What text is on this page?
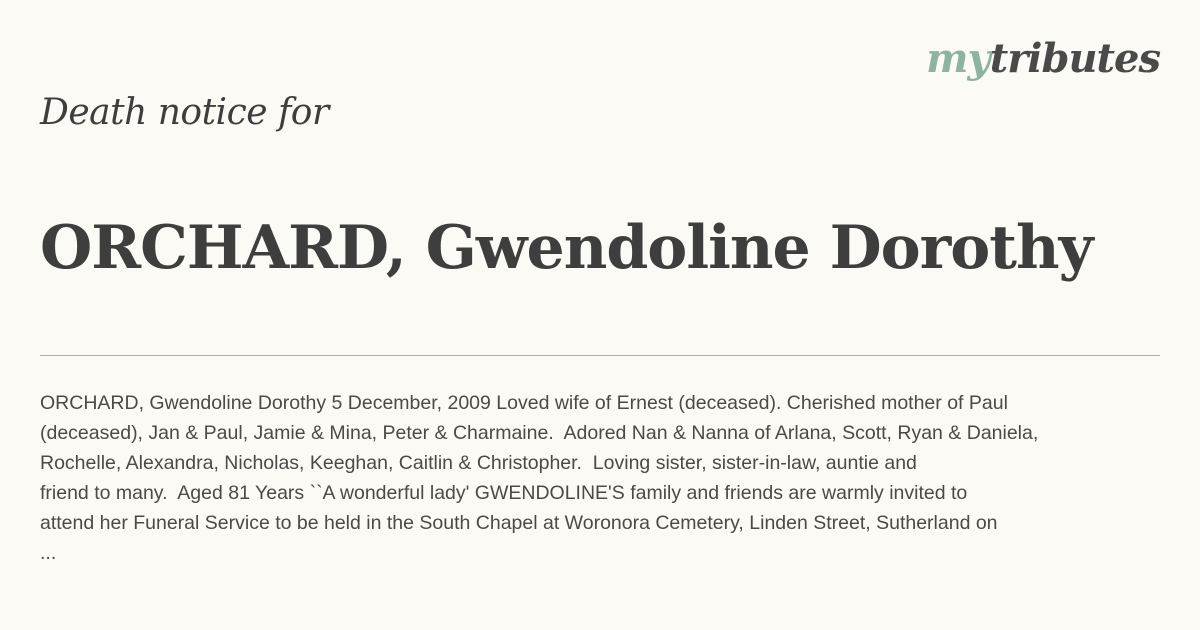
mytributes
Death notice for
ORCHARD, Gwendoline Dorothy

ORCHARD, Gwendoline Dorothy 5 December, 2009 Loved wife of Ernest (deceased). Cherished mother of Paul

(deceased), Jan & Paul, Jamie & Mina, Peter & Charmaine.  Adored Nan & Nanna of Arlana, Scott, Ryan & Daniela,

Rochelle, Alexandra, Nicholas, Keeghan, Caitlin & Christopher.  Loving sister, sister-in-law, auntie and

friend to many.  Aged 81 Years ``A wonderful lady' GWENDOLINE'S family and friends are warmly invited to

attend her Funeral Service to be held in the South Chapel at Woronora Cemetery, Linden Street, Sutherland on

...
